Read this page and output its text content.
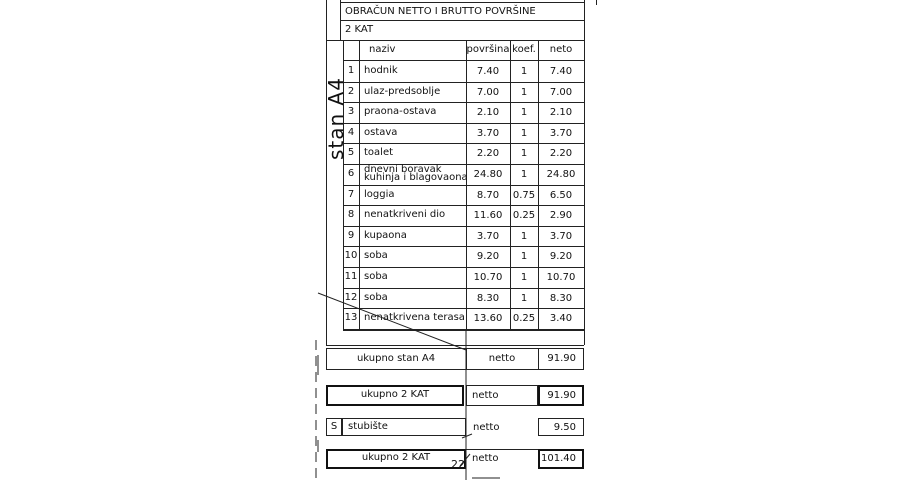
OBRAČUN NETTO I BRUTTO POVRŠINE
2 KAT
naziv	površina koef.	neto
stan A4
1 hodnik	7.40	1	7.40
2 ulaz-predsoblje	7.00	1	7.00
3 praona-ostava	2.10	1	2.10
4 ostava	3.70	1	3.70
5 toalet	2.20	1	2.20
6 dnevni boravak
kuhinja i blagovaona 24.80	1	24.80
7 loggia	8.70	0.75	6.50
8 nenatkriveni dio	11.60	0.25	2.90
9 kupaona	3.70	1	3.70
10 soba	9.20	1	9.20
11 soba	10.70	1	10.70
12 soba	8.30	1	8.30
13 nenatkrivena terasa 13.60	0.25	3.40
ukupno stan A4	netto	91.90
ukupno 2 KAT	netto	91.90
S	stubište	netto	9.50
ukupno 2 KAT	netto	101.40
22
